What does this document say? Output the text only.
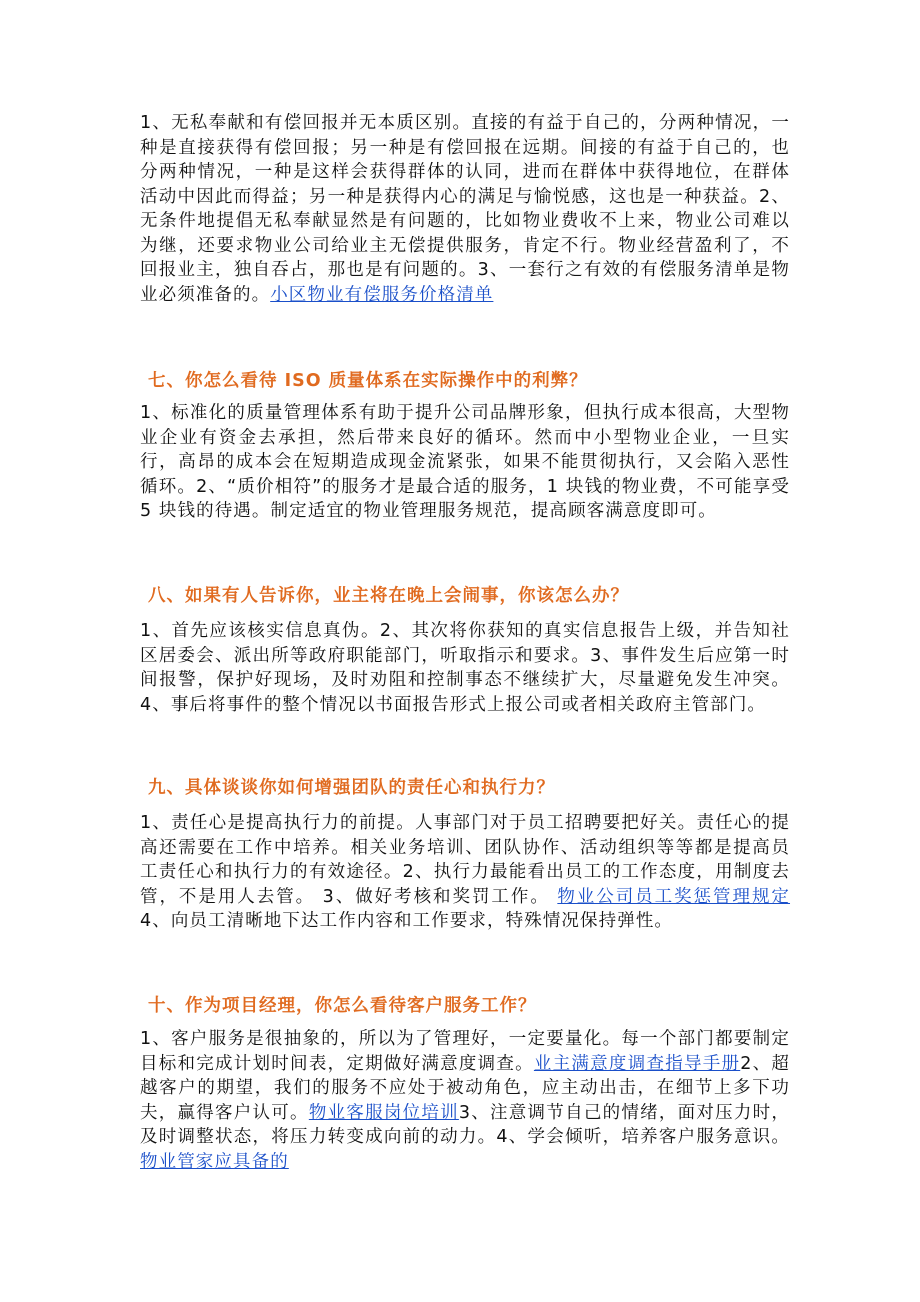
1、无私奉献和有偿回报并无本质区别。直接的有益于自己的，分两种情况，一种是直接获得有偿回报；另一种是有偿回报在远期。间接的有益于自己的，也分两种情况，一种是这样会获得群体的认同，进而在群体中获得地位，在群体活动中因此而得益；另一种是获得内心的满足与愉悦感，这也是一种获益。2、无条件地提倡无私奉献显然是有问题的，比如物业费收不上来，物业公司难以为继，还要求物业公司给业主无偿提供服务，肯定不行。物业经营盈利了，不回报业主，独自吞占，那也是有问题的。3、一套行之有效的有偿服务清单是物业必须准备的。小区物业有偿服务价格清单

七、你怎么看待 ISO 质量体系在实际操作中的利弊？

1、标准化的质量管理体系有助于提升公司品牌形象，但执行成本很高，大型物业企业有资金去承担，然后带来良好的循环。然而中小型物业企业，一旦实行，高昂的成本会在短期造成现金流紧张，如果不能贯彻执行，又会陷入恶性循环。2、“质价相符”的服务才是最合适的服务，1 块钱的物业费，不可能享受 5 块钱的待遇。制定适宜的物业管理服务规范，提高顾客满意度即可。

八、如果有人告诉你，业主将在晚上会闹事，你该怎么办？

1、首先应该核实信息真伪。2、其次将你获知的真实信息报告上级，并告知社区居委会、派出所等政府职能部门，听取指示和要求。3、事件发生后应第一时间报警，保护好现场，及时劝阻和控制事态不继续扩大，尽量避免发生冲突。4、事后将事件的整个情况以书面报告形式上报公司或者相关政府主管部门。

九、具体谈谈你如何增强团队的责任心和执行力？

1、责任心是提高执行力的前提。人事部门对于员工招聘要把好关。责任心的提高还需要在工作中培养。相关业务培训、团队协作、活动组织等等都是提高员工责任心和执行力的有效途径。2、执行力最能看出员工的工作态度，用制度去管，不是用人去管。 3、做好考核和奖罚工作。 物业公司员工奖惩管理规定4、向员工清晰地下达工作内容和工作要求，特殊情况保持弹性。

十、作为项目经理，你怎么看待客户服务工作？

1、客户服务是很抽象的，所以为了管理好，一定要量化。每一个部门都要制定目标和完成计划时间表，定期做好满意度调查。业主满意度调查指导手册2、超越客户的期望，我们的服务不应处于被动角色，应主动出击，在细节上多下功夫，赢得客户认可。物业客服岗位培训3、注意调节自己的情绪，面对压力时，及时调整状态，将压力转变成向前的动力。4、学会倾听，培养客户服务意识。物业管家应具备的
